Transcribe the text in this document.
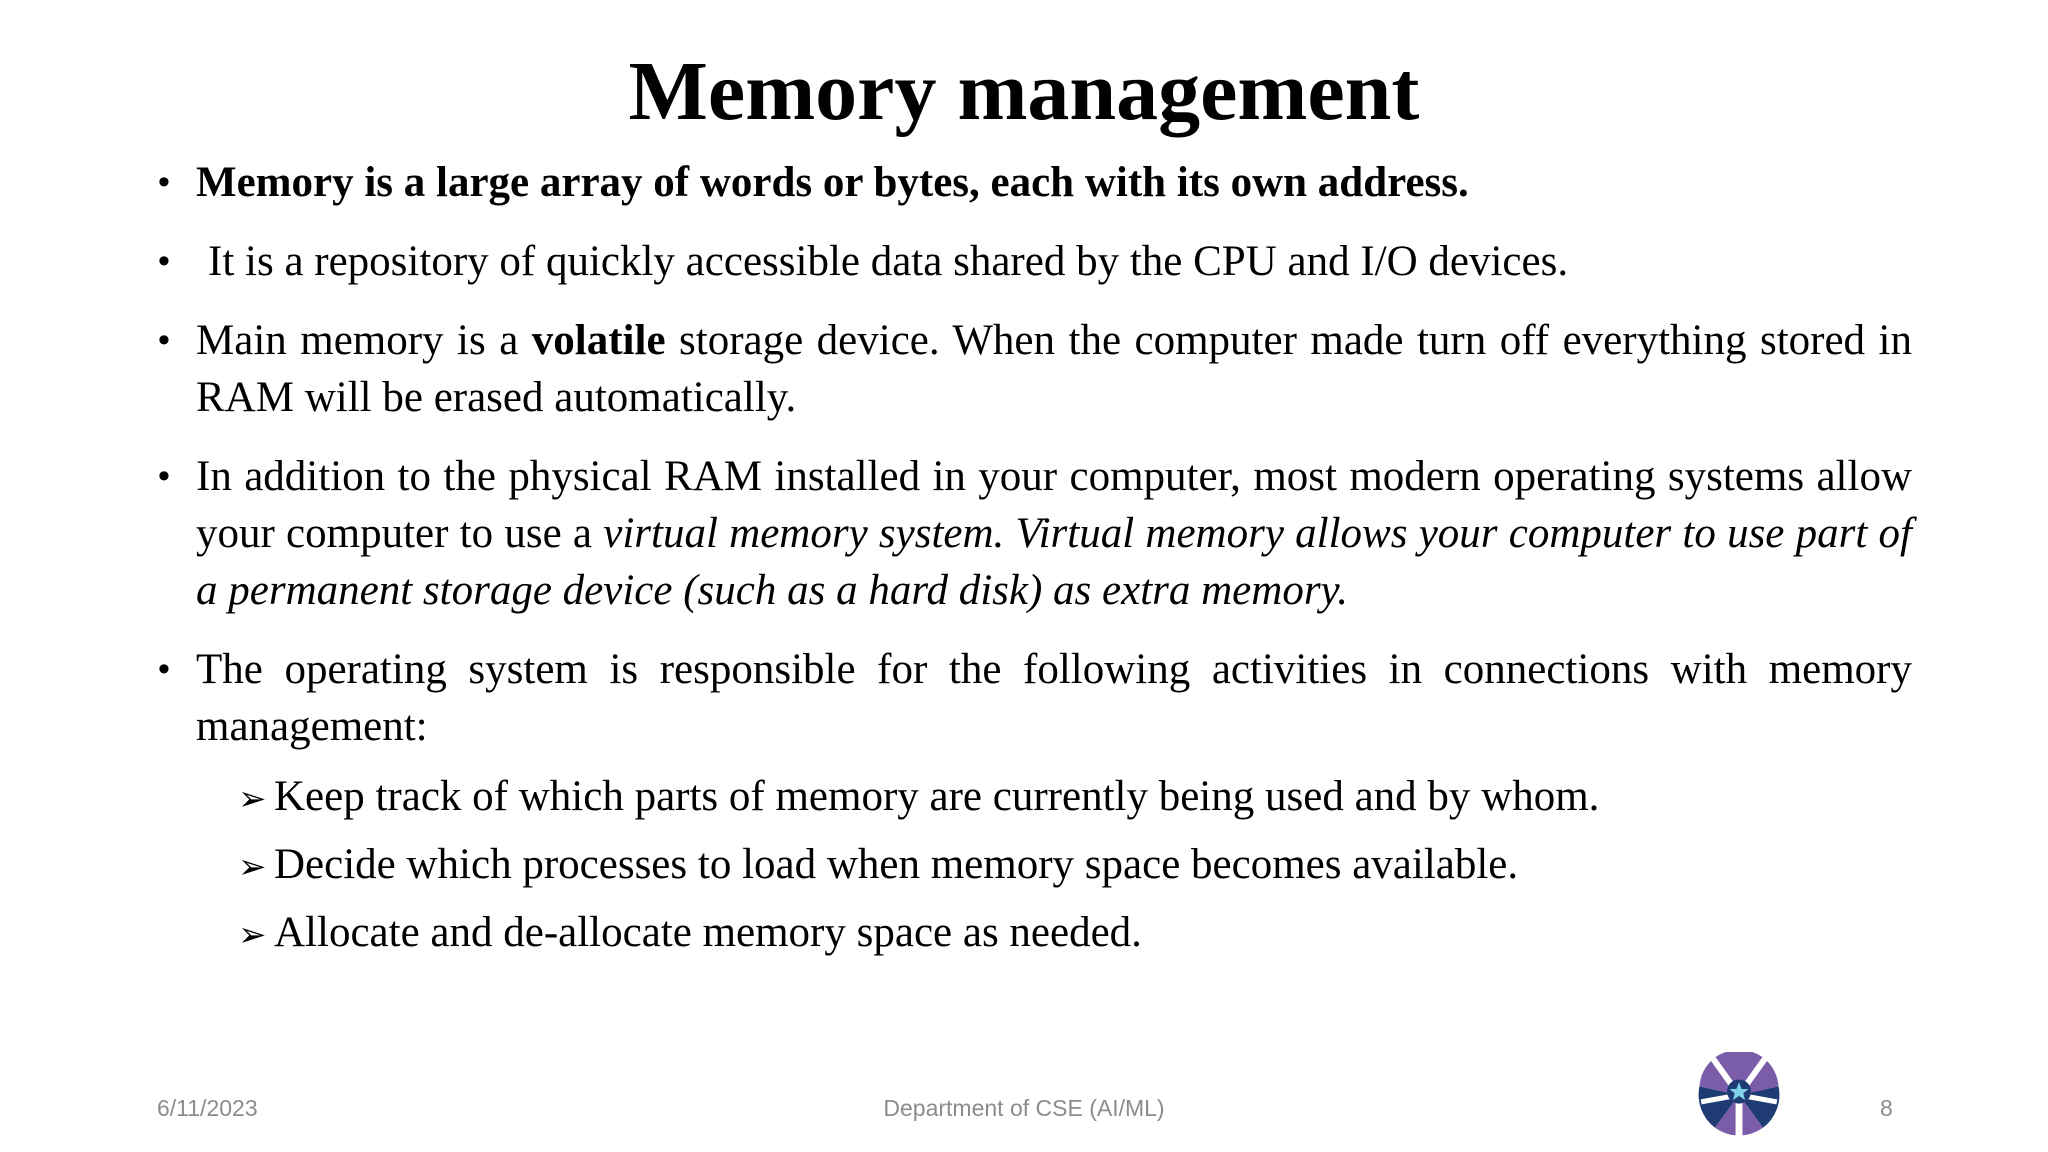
Memory management
• Memory is a large array of words or bytes, each with its own address.
• It is a repository of quickly accessible data shared by the CPU and I/O devices.
• Main memory is a volatile storage device. When the computer made turn off everything stored in RAM will be erased automatically.
• In addition to the physical RAM installed in your computer, most modern operating systems allow your computer to use a virtual memory system. Virtual memory allows your computer to use part of a permanent storage device (such as a hard disk) as extra memory.
• The operating system is responsible for the following activities in connections with memory management:
➢ Keep track of which parts of memory are currently being used and by whom.
➢ Decide which processes to load when memory space becomes available.
➢ Allocate and de-allocate memory space as needed.
6/11/2023	Department of CSE (AI/ML)	8
